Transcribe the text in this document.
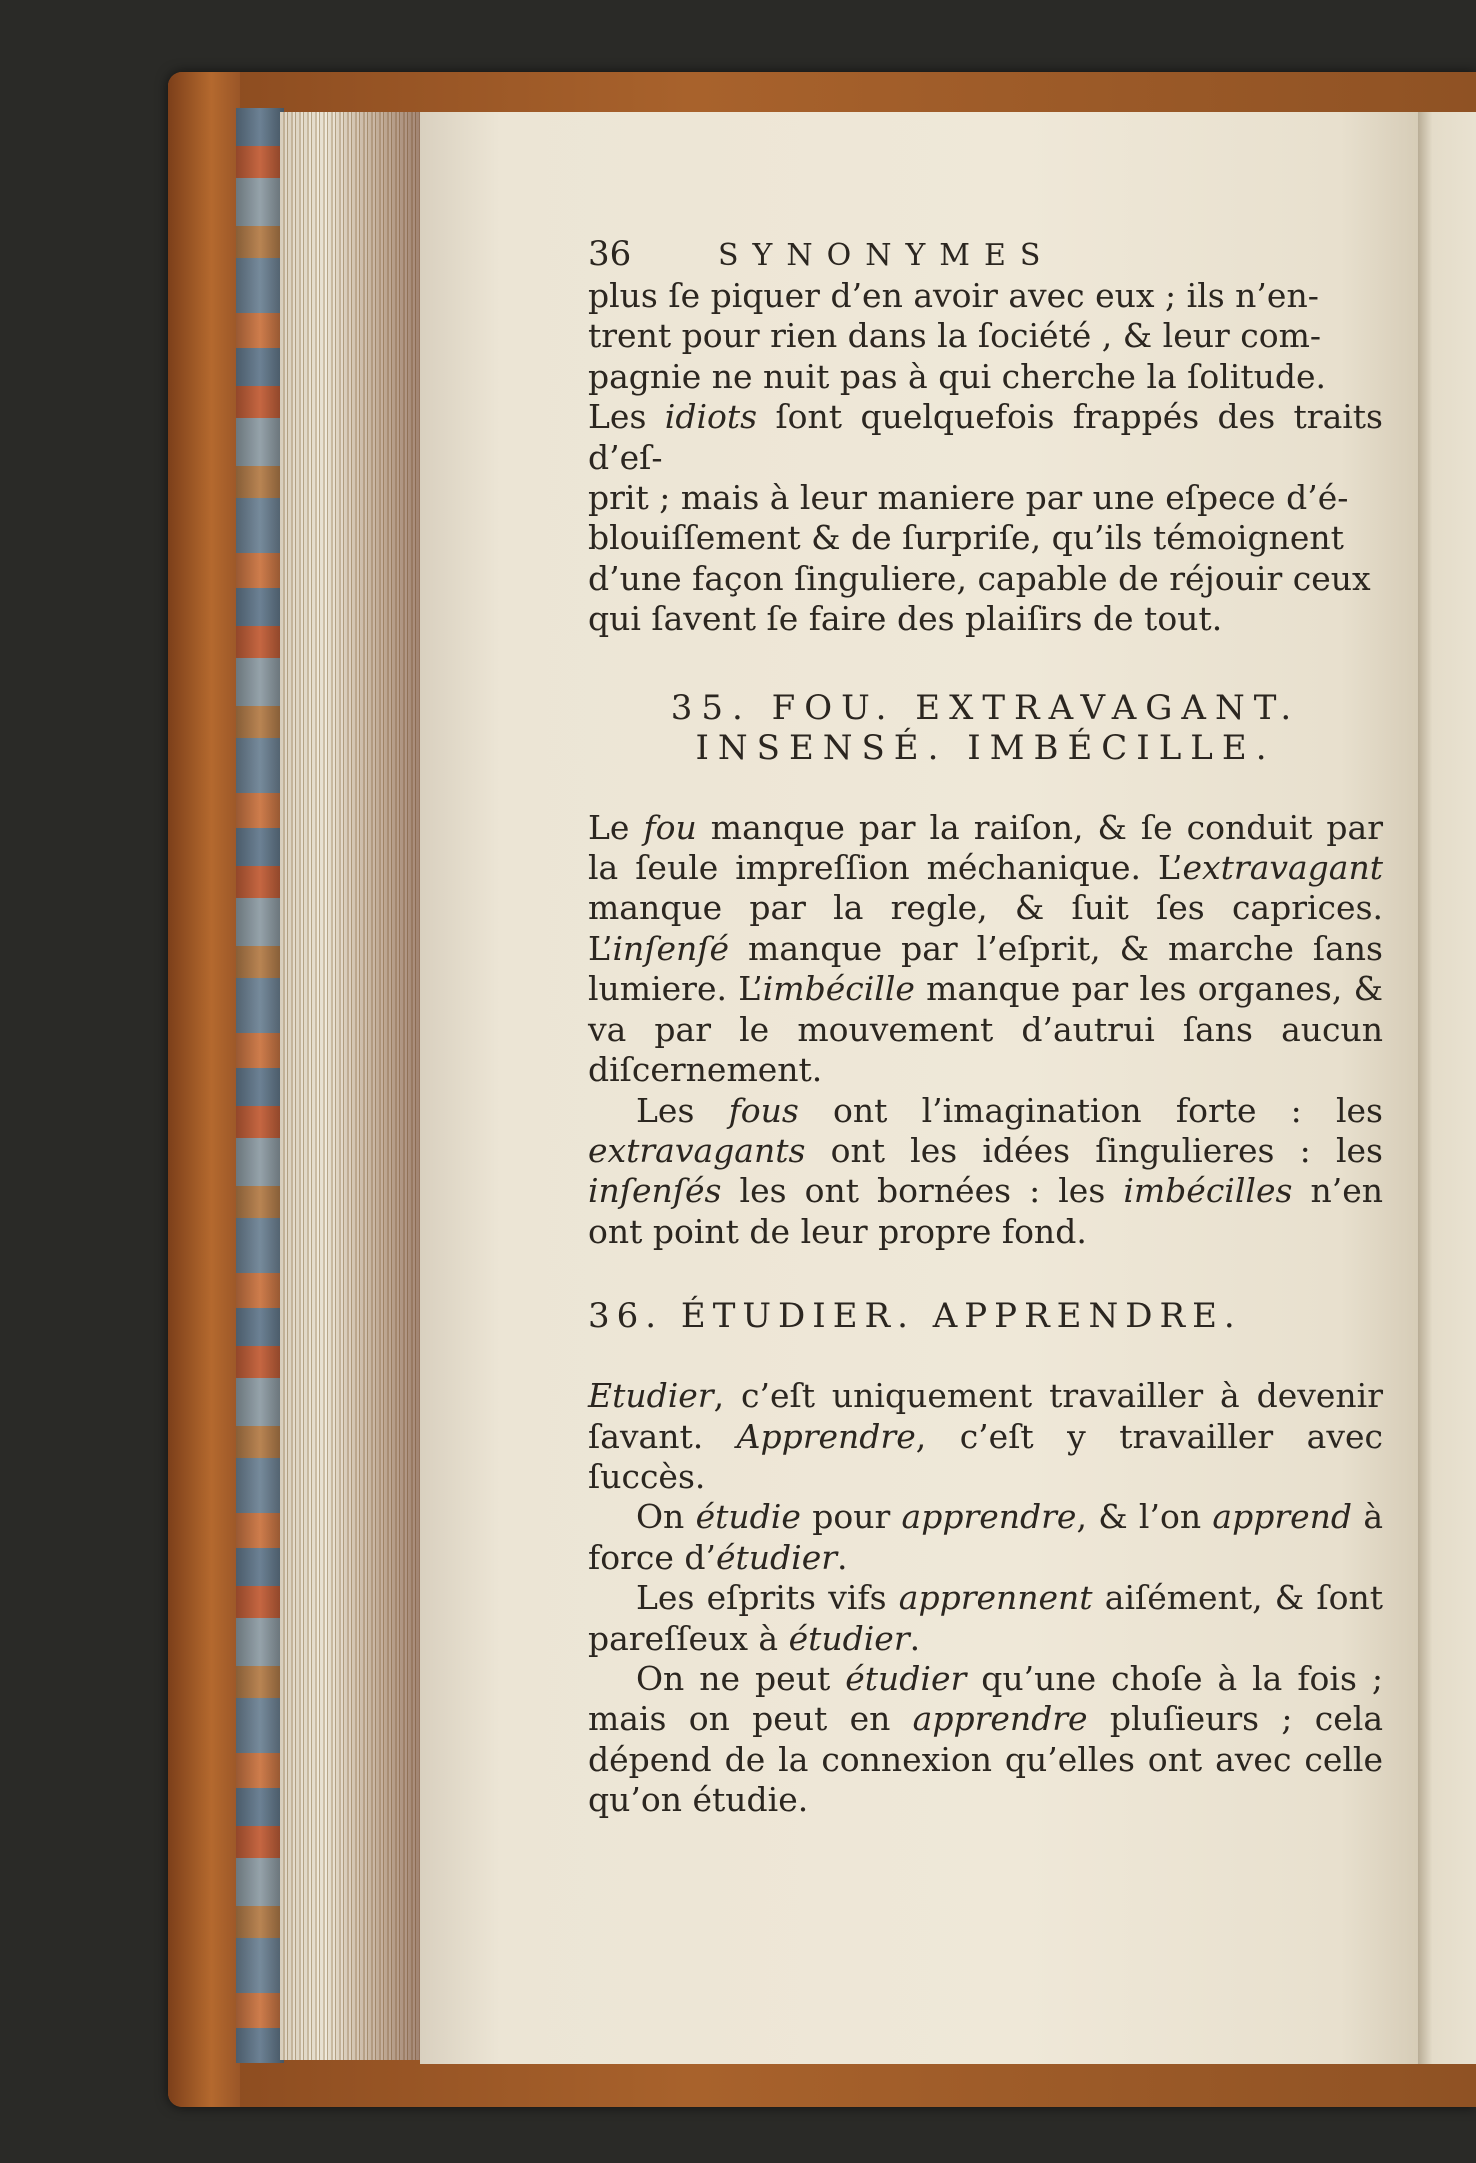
36	SYNONYMES
plus ſe piquer d’en avoir avec eux ; ils n’en-
trent pour rien dans la ſociété , & leur com-
pagnie ne nuit pas à qui cherche la ſolitude.
Les idiots ſont quelquefois frappés des traits d’eſ-
prit ; mais à leur maniere par une eſpece d’é-
blouiſſement & de ſurpriſe, qu’ils témoignent
d’une façon ſinguliere, capable de réjouir ceux
qui ſavent ſe faire des plaiſirs de tout.
35. FOU. EXTRAVAGANT.
INSENSÉ. IMBÉCILLE.

Le fou manque par la raiſon, & ſe conduit par la ſeule impreſſion méchanique. L’extravagant manque par la regle, & ſuit ſes caprices. L’inſenſé manque par l’eſprit, & marche ſans lumiere. L’imbécille manque par les organes, & va par le mouvement d’autrui ſans aucun diſcernement.

Les fous ont l’imagination forte : les extravagants ont les idées ſingulieres : les inſenſés les ont bornées : les imbécilles n’en ont point de leur propre fond.

36. ÉTUDIER. APPRENDRE.

Etudier, c’eſt uniquement travailler à devenir ſavant. Apprendre, c’eſt y travailler avec ſuccès.

On étudie pour apprendre, & l’on apprend à force d’étudier.

Les eſprits vifs apprennent aiſément, & ſont pareſſeux à étudier.

On ne peut étudier qu’une choſe à la fois ; mais on peut en apprendre pluſieurs ; cela dépend de la connexion qu’elles ont avec celle qu’on étudie.
